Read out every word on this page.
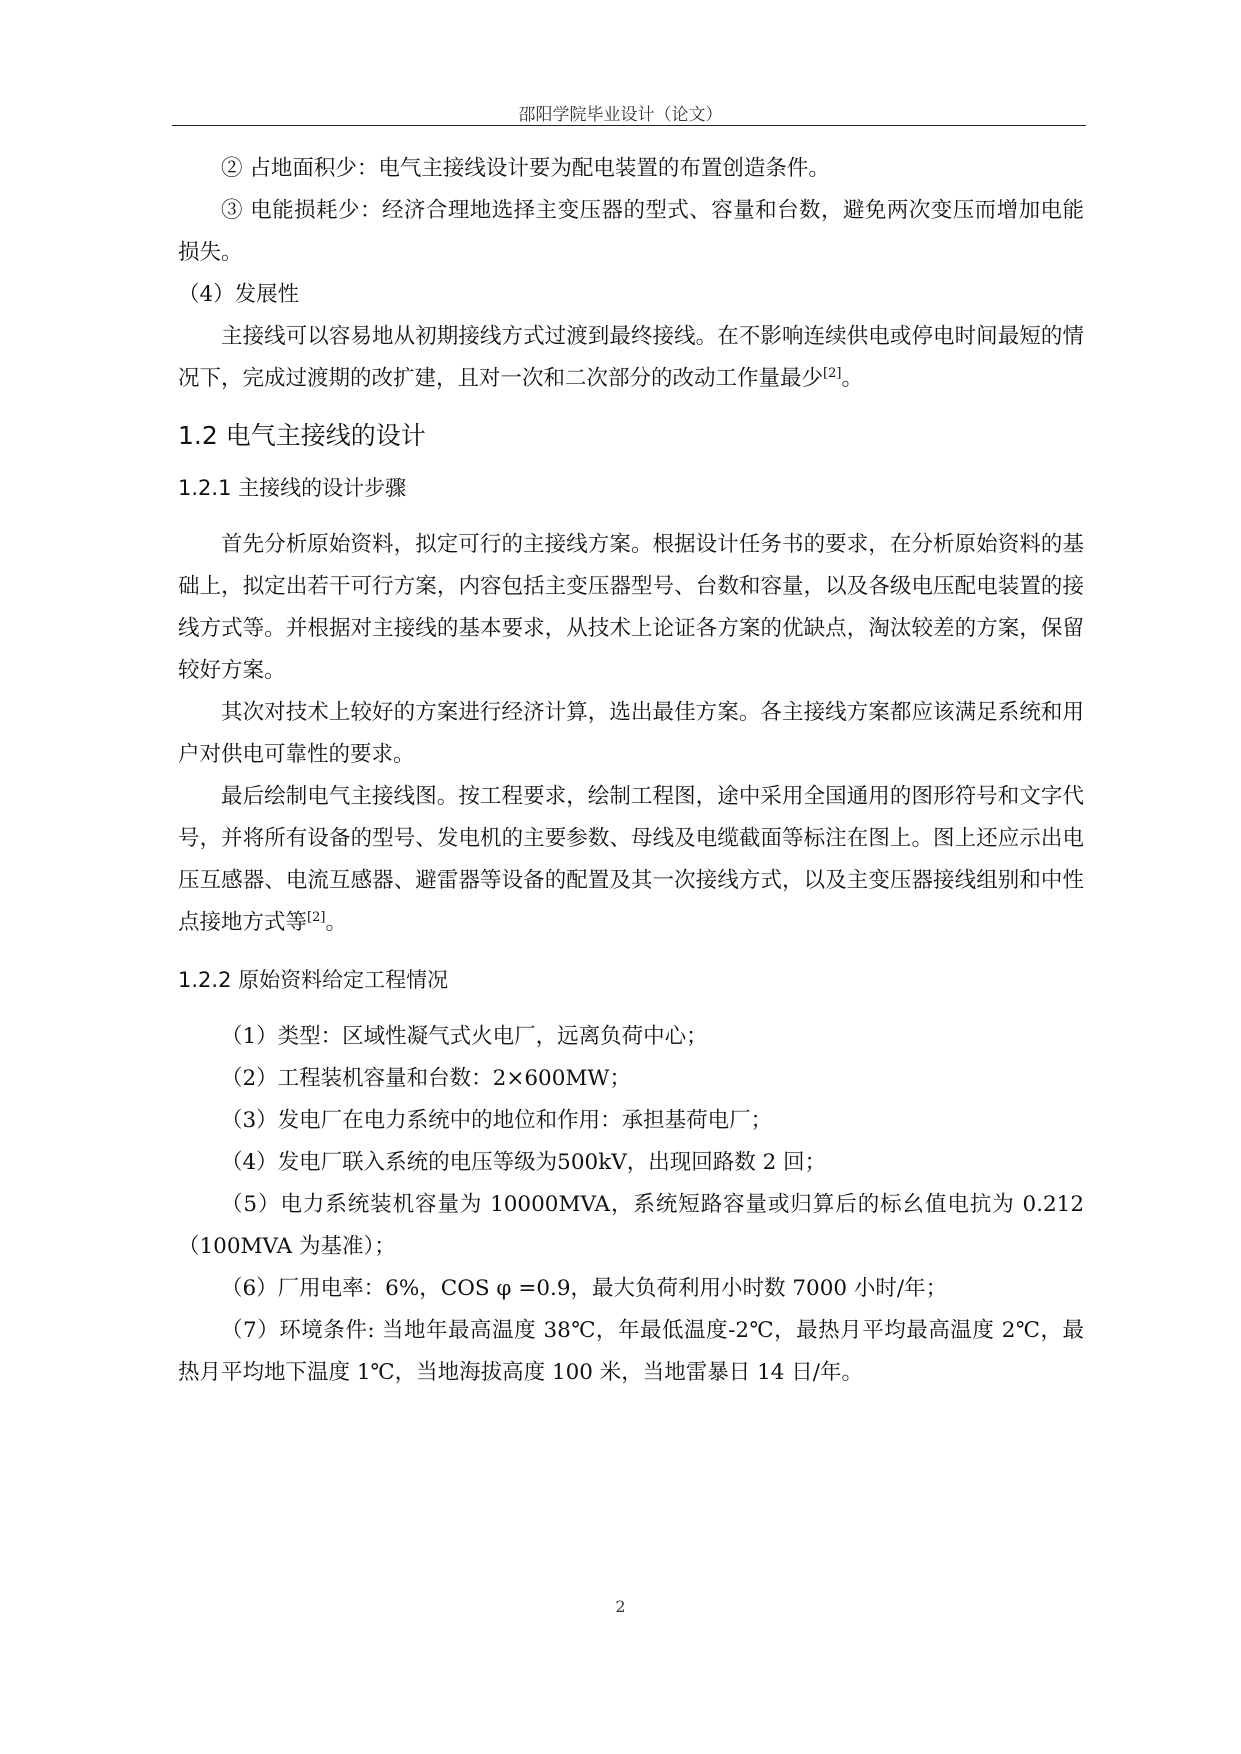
邵阳学院毕业设计（论文）

② 占地面积少：电气主接线设计要为配电装置的布置创造条件。

③ 电能损耗少：经济合理地选择主变压器的型式、容量和台数，避免两次变压而增加电能损失。

（4）发展性

主接线可以容易地从初期接线方式过渡到最终接线。在不影响连续供电或停电时间最短的情况下，完成过渡期的改扩建，且对一次和二次部分的改动工作量最少[2]。

1.2 电气主接线的设计
1.2.1 主接线的设计步骤

首先分析原始资料，拟定可行的主接线方案。根据设计任务书的要求，在分析原始资料的基础上，拟定出若干可行方案，内容包括主变压器型号、台数和容量，以及各级电压配电装置的接线方式等。并根据对主接线的基本要求，从技术上论证各方案的优缺点，淘汰较差的方案，保留较好方案。

其次对技术上较好的方案进行经济计算，选出最佳方案。各主接线方案都应该满足系统和用户对供电可靠性的要求。

最后绘制电气主接线图。按工程要求，绘制工程图，途中采用全国通用的图形符号和文字代号，并将所有设备的型号、发电机的主要参数、母线及电缆截面等标注在图上。图上还应示出电压互感器、电流互感器、避雷器等设备的配置及其一次接线方式，以及主变压器接线组别和中性点接地方式等[2]。

1.2.2 原始资料给定工程情况

（1）类型：区域性凝气式火电厂，远离负荷中心；

（2）工程装机容量和台数：2×600MW；

（3）发电厂在电力系统中的地位和作用：承担基荷电厂；

（4）发电厂联入系统的电压等级为500kV，出现回路数 2 回；

（5）电力系统装机容量为 10000MVA，系统短路容量或归算后的标幺值电抗为 0.212（100MVA 为基准）；

（6）厂用电率：6%，COS φ =0.9，最大负荷利用小时数 7000 小时/年；

（7）环境条件: 当地年最高温度 38℃，年最低温度-2℃，最热月平均最高温度 2℃，最热月平均地下温度 1℃，当地海拔高度 100 米，当地雷暴日 14 日/年。

2
